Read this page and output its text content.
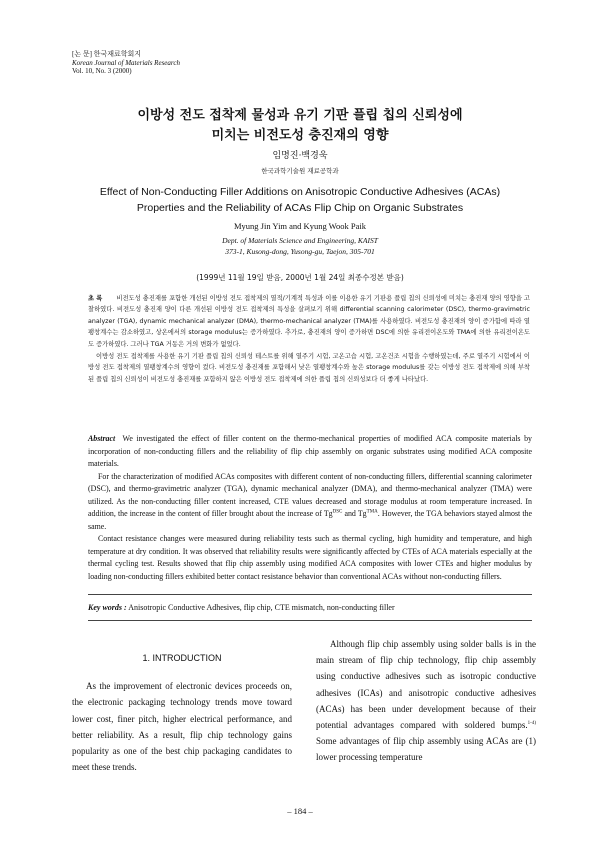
[논 문] 한국재료학회지
Korean Journal of Materials Research
Vol. 10, No. 3 (2000)
이방성 전도 접착제 물성과 유기 기판 플립 칩의 신뢰성에
미치는 비전도성 충진재의 영향
임명진·백경욱
한국과학기술원 재료공학과
Effect of Non-Conducting Filler Additions on Anisotropic Conductive Adhesives (ACAs)
Properties and the Reliability of ACAs Flip Chip on Organic Substrates
Myung Jin Yim and Kyung Wook Paik
Dept. of Materials Science and Engineering, KAIST
373-1, Kusong-dong, Yusong-gu, Taejon, 305-701
(1999년 11월 19일 받음, 2000년 1월 24일 최종수정본 받음)

초 록 비전도성 충진재를 포함한 개선된 이방성 전도 접착제의 열적/기계적 특성과 이를 이용한 유기 기판용 플립 칩의 신뢰성에 미치는 충진재 양의 영향을 고찰하였다. 비전도성 충진재 양이 다른 개선된 이방성 전도 접착제의 특성을 살펴보기 위해 differential scanning calorimeter (DSC), thermo-gravimetric analyzer (TGA), dynamic mechanical analyzer (DMA), thermo-mechanical analyzer (TMA)를 사용하였다. 비전도성 충진재의 양이 증가함에 따라 열팽창계수는 감소하였고, 상온에서의 storage modulus는 증가하였다. 추가로, 충진재의 양이 증가하면 DSC에 의한 유리전이온도와 TMA에 의한 유리전이온도도 증가하였다. 그러나 TGA 거동은 거의 변화가 없었다.

이방성 전도 접착제를 사용한 유기 기판 플립 칩의 신뢰성 테스트를 위해 열주기 시험, 고온고습 시험, 고온건조 시험을 수행하였는데, 주로 열주기 시험에서 이방성 전도 접착제의 열팽창계수의 영향이 컸다. 비전도성 충진재를 포함해서 낮은 열팽창계수와 높은 storage modulus를 갖는 이방성 전도 접착제에 의해 부착된 플립 칩의 신뢰성이 비전도성 충진재를 포함하지 않은 이방성 전도 접착제에 의한 플립 칩의 신뢰성보다 더 좋게 나타났다.

Abstract We investigated the effect of filler content on the thermo-mechanical properties of modified ACA composite materials by incorporation of non-conducting fillers and the reliability of flip chip assembly on organic substrates using modified ACA composite materials.

For the characterization of modified ACAs composites with different content of non-conducting fillers, differential scanning calorimeter (DSC), and thermo-gravimetric analyzer (TGA), dynamic mechanical analyzer (DMA), and thermo-mechanical analyzer (TMA) were utilized. As the non-conducting filler content increased, CTE values decreased and storage modulus at room temperature increased. In addition, the increase in the content of filler brought about the increase of $Tg^{DSC}$ and $Tg^{TMA}$. However, the TGA behaviors stayed almost the same.

Contact resistance changes were measured during reliability tests such as thermal cycling, high humidity and temperature, and high temperature at dry condition. It was observed that reliability results were significantly affected by CTEs of ACA materials especially at the thermal cycling test. Results showed that flip chip assembly using modified ACA composites with lower CTEs and higher modulus by loading non-conducting fillers exhibited better contact resistance behavior than conventional ACAs without non-conducting fillers.

Key words : Anisotropic Conductive Adhesives, flip chip, CTE mismatch, non-conducting filler
1. INTRODUCTION

As the improvement of electronic devices proceeds on, the electronic packaging technology trends move toward lower cost, finer pitch, higher electrical performance, and better reliability. As a result, flip chip technology gains popularity as one of the best chip packaging candidates to meet these trends.

Although flip chip assembly using solder balls is in the main stream of flip chip technology, flip chip assembly using conductive adhesives such as isotropic conductive adhesives (ICAs) and anisotropic conductive adhesives (ACAs) has been under development because of their potential advantages compared with soldered bumps.$^{1-4)}$ Some advantages of flip chip assembly using ACAs are (1) lower processing temperature

– 184 –
